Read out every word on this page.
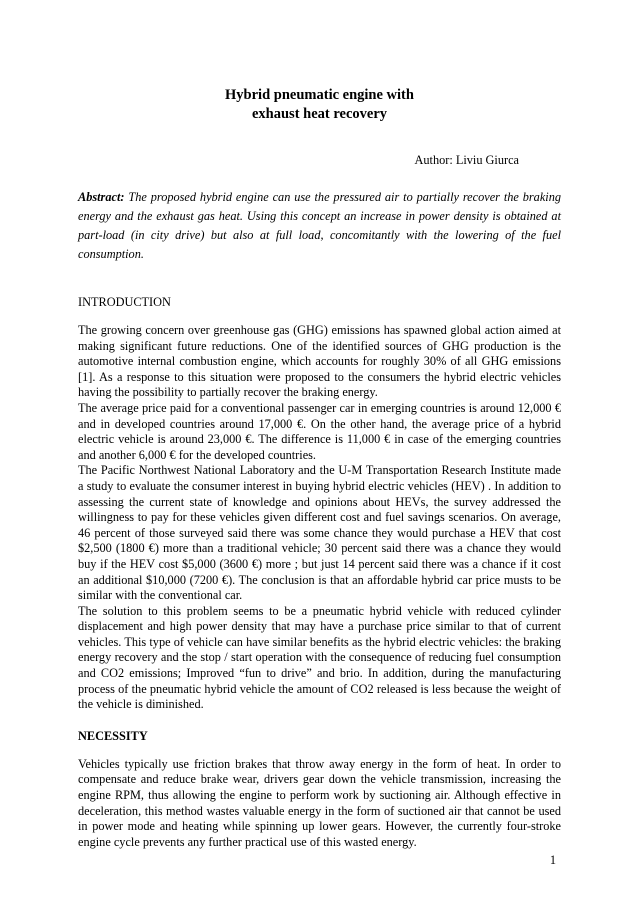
Hybrid pneumatic engine with
exhaust heat recovery
Author: Liviu Giurca
Abstract: The proposed hybrid engine can use the pressured air to partially recover the braking energy and the exhaust gas heat. Using this concept an increase in power density is obtained at part-load (in city drive) but also at full load, concomitantly with the lowering of the fuel consumption.
INTRODUCTION

The growing concern over greenhouse gas (GHG) emissions has spawned global action aimed at making significant future reductions. One of the identified sources of GHG production is the automotive internal combustion engine, which accounts for roughly 30% of all GHG emissions [1]. As a response to this situation were proposed to the consumers the hybrid electric vehicles having the possibility to partially recover the braking energy.

The average price paid for a conventional passenger car in emerging countries is around 12,000 € and in developed countries around 17,000 €. On the other hand, the average price of a hybrid electric vehicle is around 23,000 €. The difference is 11,000 € in case of the emerging countries and another 6,000 € for the developed countries.

The Pacific Northwest National Laboratory and the U-M Transportation Research Institute made a study to evaluate the consumer interest in buying hybrid electric vehicles (HEV) . In addition to assessing the current state of knowledge and opinions about HEVs, the survey addressed the willingness to pay for these vehicles given different cost and fuel savings scenarios. On average, 46 percent of those surveyed said there was some chance they would purchase a HEV that cost $2,500 (1800 €) more than a traditional vehicle; 30 percent said there was a chance they would buy if the HEV cost $5,000 (3600 €) more ; but just 14 percent said there was a chance if it cost an additional $10,000 (7200 €). The conclusion is that an affordable hybrid car price musts to be similar with the conventional car.

The solution to this problem seems to be a pneumatic hybrid vehicle with reduced cylinder displacement and high power density that may have a purchase price similar to that of current vehicles. This type of vehicle can have similar benefits as the hybrid electric vehicles: the braking energy recovery and the stop / start operation with the consequence of reducing fuel consumption and CO2 emissions; Improved “fun to drive” and brio. In addition, during the manufacturing process of the pneumatic hybrid vehicle the amount of CO2 released is less because the weight of the vehicle is diminished.

NECESSITY

Vehicles typically use friction brakes that throw away energy in the form of heat. In order to compensate and reduce brake wear, drivers gear down the vehicle transmission, increasing the engine RPM, thus allowing the engine to perform work by suctioning air. Although effective in deceleration, this method wastes valuable energy in the form of suctioned air that cannot be used in power mode and heating while spinning up lower gears. However, the currently four-stroke engine cycle prevents any further practical use of this wasted energy.

1
